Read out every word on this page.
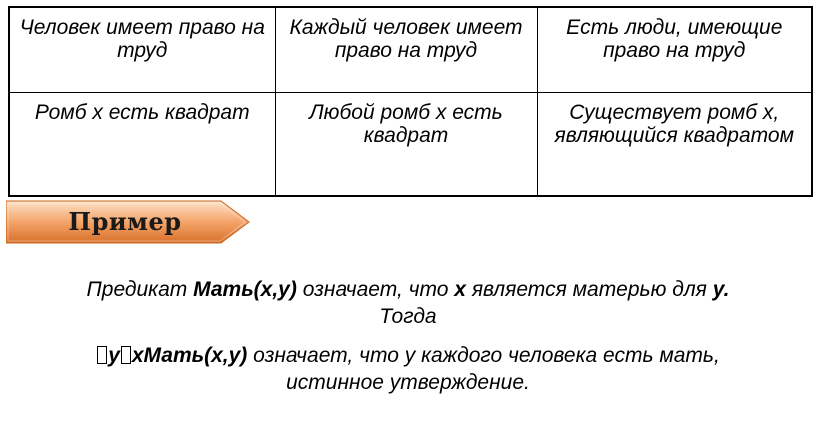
Человек имеет право на труд	Каждый человек имеет право на труд	Есть люди, имеющие право на труд
Ромб x есть квадрат	Любой ромб x есть квадрат	Существует ромб x, являющийся квадратом
Пример
Предикат Мать(x,y) означает, что x является матерью для y.
Тогда
y xМать(x,y) означает, что у каждого человека есть мать,
истинное утверждение.
